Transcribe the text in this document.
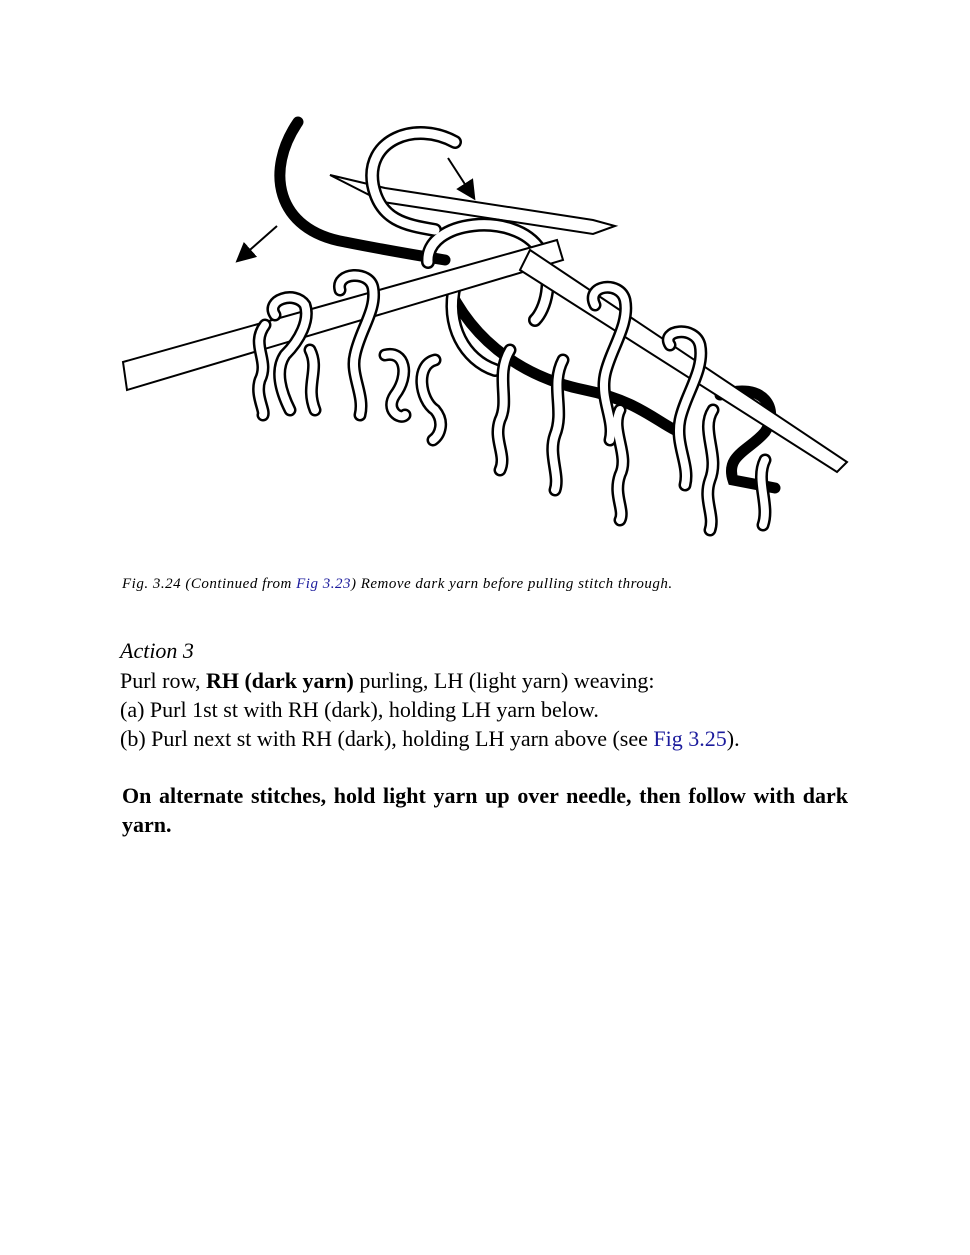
Fig. 3.24 (Continued from Fig 3.23) Remove dark yarn before pulling stitch through.
Action 3
Purl row, RH (dark yarn) purling, LH (light yarn) weaving:
(a) Purl 1st st with RH (dark), holding LH yarn below.
(b) Purl next st with RH (dark), holding LH yarn above (see Fig 3.25).
On alternate stitches, hold light yarn up over needle, then follow with dark yarn.
